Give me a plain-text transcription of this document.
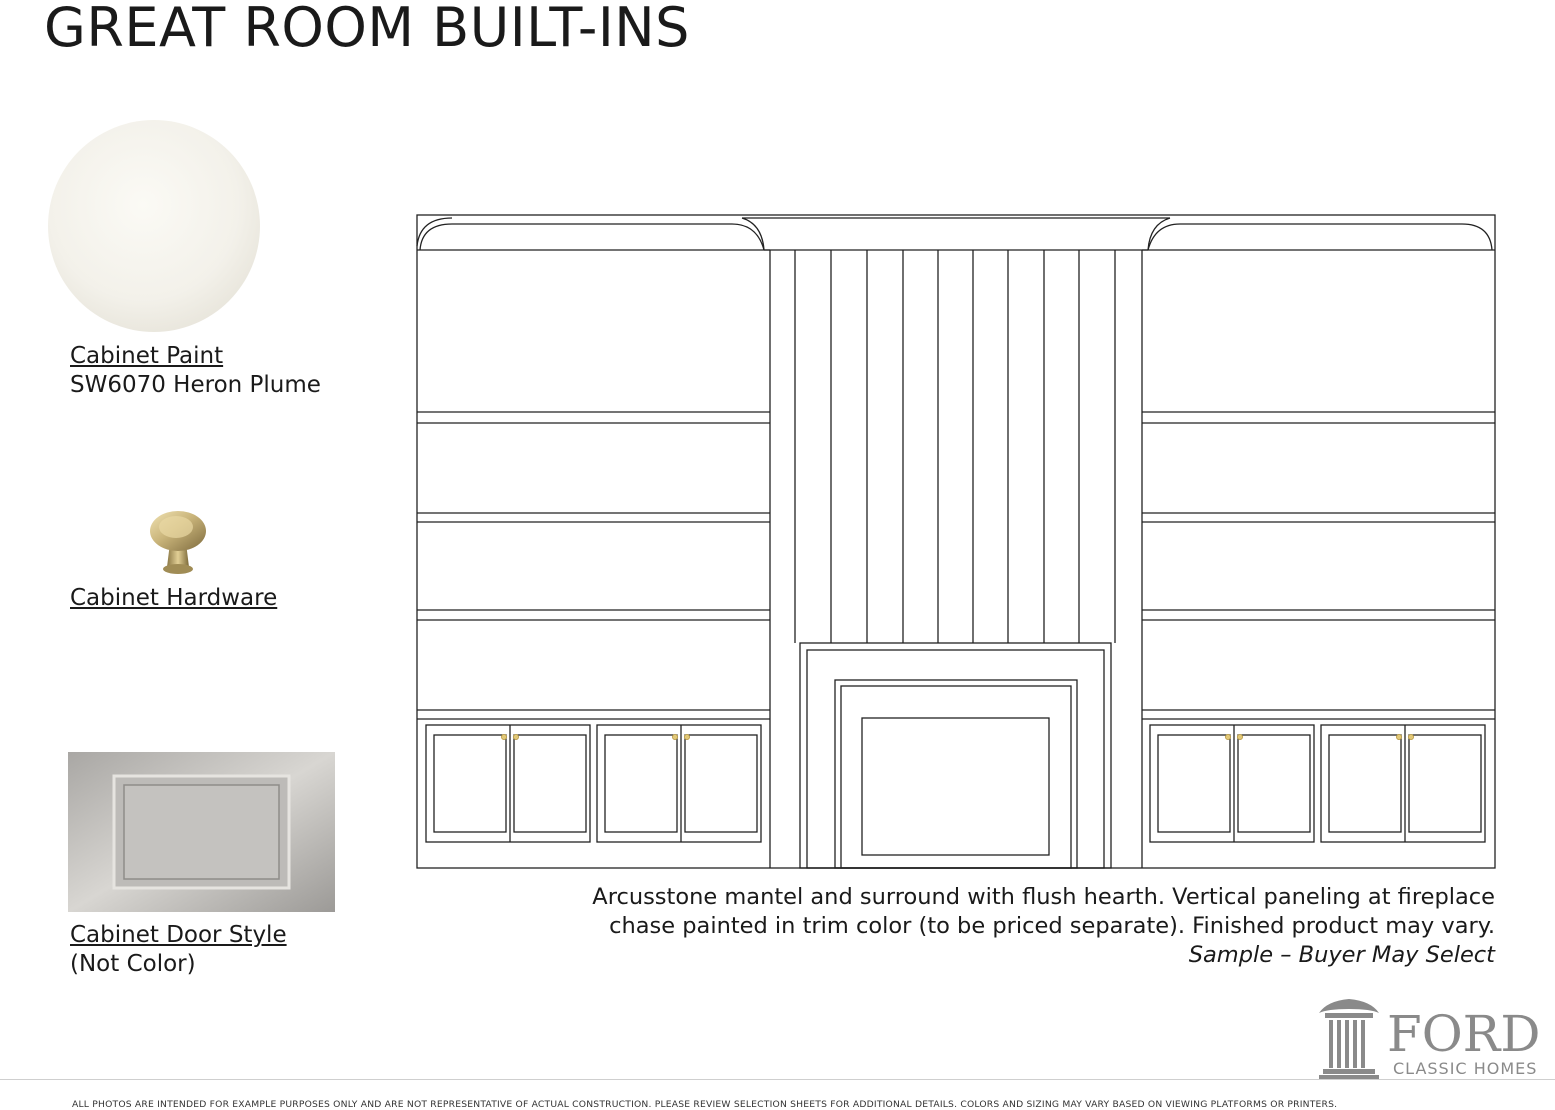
GREAT ROOM BUILT-INS
Cabinet Paint
SW6070 Heron Plume
Cabinet Hardware
Cabinet Door Style
(Not Color)
Arcusstone mantel and surround with flush hearth. Vertical paneling at fireplace
chase painted in trim color (to be priced separate). Finished product may vary.
Sample – Buyer May Select
FORD
CLASSIC HOMES
ALL PHOTOS ARE INTENDED FOR EXAMPLE PURPOSES ONLY AND ARE NOT REPRESENTATIVE OF ACTUAL CONSTRUCTION. PLEASE REVIEW SELECTION SHEETS FOR ADDITIONAL DETAILS. COLORS AND SIZING MAY VARY BASED ON VIEWING PLATFORMS OR PRINTERS.
